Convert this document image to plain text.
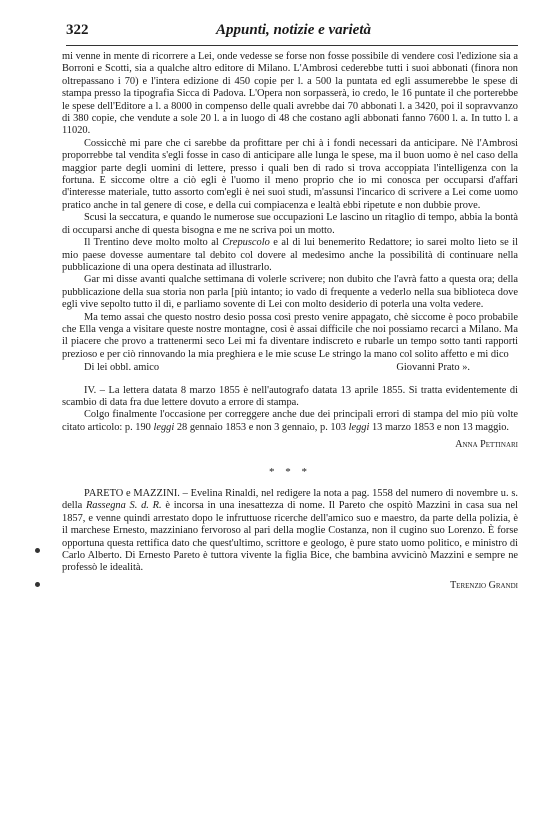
322	Appunti, notizie e varietà

mi venne in mente di ricorrere a Lei, onde vedesse se forse non fosse possibile di vendere così l'edizione sia a Borroni e Scotti, sia a qualche altro editore di Milano. L'Ambrosi cederebbe tutti i suoi abbonati (finora non oltrepassano i 70) e l'intera edizione di 450 copie per l. a 500 la puntata ed egli assumerebbe le spese di stampa presso la tipografia Sicca di Padova. L'Opera non sorpasserà, io credo, le 16 puntate il che porterebbe le spese dell'Editore a l. a 8000 in compenso delle quali avrebbe dai 70 abbonati l. a 3420, poi il sopravvanzo di 380 copie, che vendute a sole 20 l. a in luogo di 48 che costano agli abbonati fanno 7600 l. a. In tutto l. a 11020.

Cossicchè mi pare che ci sarebbe da profittare per chi à i fondi necessari da anticipare. Nè l'Ambrosi proporrebbe tal vendita s'egli fosse in caso di anticipare alle lunga le spese, ma il buon uomo è nel caso della maggior parte degli uomini di lettere, presso i quali ben di rado si trova accoppiata l'intelligenza con la fortuna. E siccome oltre a ciò egli è l'uomo il meno proprio che io mi conosca per occuparsi d'affari d'interesse materiale, tutto assorto com'egli è nei suoi studi, m'assunsi l'incarico di scrivere a Lei come uomo pratico anche in tal genere di cose, e della cui compiacenza e lealtà ebbi ripetute e non dubbie prove.

Scusi la seccatura, e quando le numerose sue occupazioni Le lascino un ritaglio di tempo, abbia la bontà di occuparsi anche di questa bisogna e me ne scriva poi un motto.

Il Trentino deve molto molto al Crepuscolo e al di lui benemerito Redattore; io sarei molto lieto se il mio paese dovesse aumentare tal debito col dovere al medesimo anche la possibilità di continuare nella pubblicazione di una opera destinata ad illustrarlo.

Gar mi disse avanti qualche settimana di volerle scrivere; non dubito che l'avrà fatto a questa ora; della pubblicazione della sua storia non parla [più intanto; io vado di frequente a vederlo nella sua biblioteca dove egli vive sepolto tutto il dì, e parliamo sovente di Lei con molto desiderio di poterla una volta vedere.

Ma temo assai che questo nostro desio possa così presto venire appagato, chè siccome è poco probabile che Ella venga a visitare queste nostre montagne, così è assai difficile che noi possiamo recarci a Milano. Ma il piacere che provo a trattenermi seco Lei mi fa diventare indiscreto e rubarle un tempo sotto tanti rapporti prezioso e per ciò rinnovando la mia preghiera e le mie scuse Le stringo la mano col solito affetto e mi dico

Di lei obbl. amico	Giovanni Prato ».

IV. – La lettera datata 8 marzo 1855 è nell'autografo datata 13 aprile 1855. Si tratta evidentemente di scambio di data fra due lettere dovuto a errore di stampa.

Colgo finalmente l'occasione per correggere anche due dei principali errori di stampa del mio più volte citato articolo: p. 190 leggi 28 gennaio 1853 e non 3 gennaio, p. 103 leggi 13 marzo 1853 e non 13 maggio.

Anna Pettinari
* * *

PARETO e MAZZINI. – Evelina Rinaldi, nel redigere la nota a pag. 1558 del numero di novembre u. s. della Rassegna S. d. R. è incorsa in una inesattezza di nome. Il Pareto che ospitò Mazzini in casa sua nel 1857, e venne quindi arrestato dopo le infruttuose ricerche dell'amico suo e maestro, da parte della polizia, è il marchese Ernesto, mazziniano fervoroso al pari della moglie Costanza, non il cugino suo Lorenzo. È forse opportuna questa rettifica dato che quest'ultimo, scrittore e geologo, è pure stato uomo politico, e ministro di Carlo Alberto. Di Ernesto Pareto è tuttora vivente la figlia Bice, che bambina avvicinò Mazzini e sempre ne professò le idealità.

Terenzio Grandi
